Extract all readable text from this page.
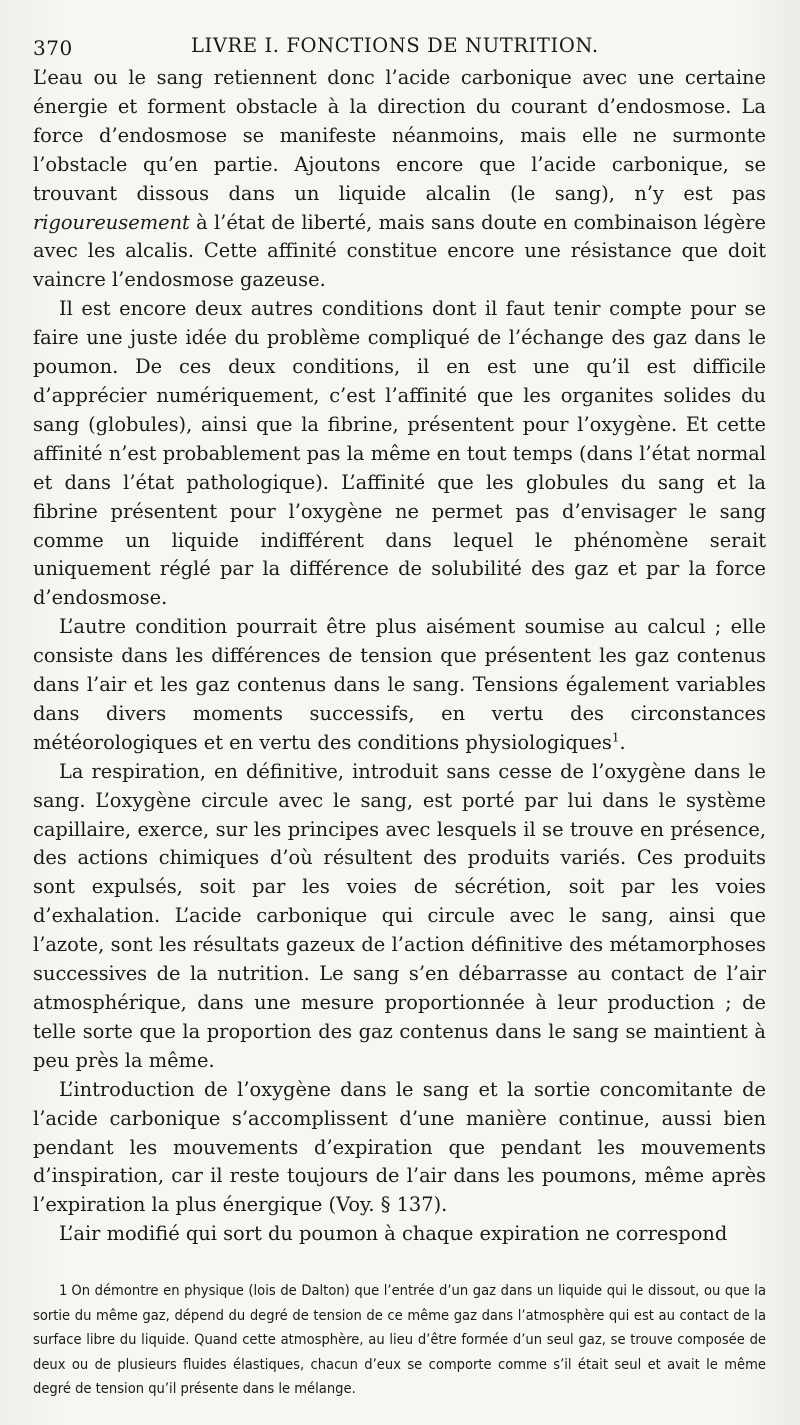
370	LIVRE I. FONCTIONS DE NUTRITION.

L’eau ou le sang retiennent donc l’acide carbonique avec une certaine énergie et forment obstacle à la direction du courant d’endosmose. La force d’endosmose se manifeste néanmoins, mais elle ne surmonte l’obstacle qu’en partie. Ajoutons encore que l’acide carbonique, se trouvant dissous dans un liquide alcalin (le sang), n’y est pas rigoureusement à l’état de liberté, mais sans doute en combinaison légère avec les alcalis. Cette affinité constitue encore une résistance que doit vaincre l’endosmose gazeuse.

Il est encore deux autres conditions dont il faut tenir compte pour se faire une juste idée du problème compliqué de l’échange des gaz dans le poumon. De ces deux conditions, il en est une qu’il est difficile d’apprécier numériquement, c’est l’affinité que les organites solides du sang (globules), ainsi que la fibrine, présentent pour l’oxygène. Et cette affinité n’est probablement pas la même en tout temps (dans l’état normal et dans l’état pathologique). L’affinité que les globules du sang et la fibrine présentent pour l’oxygène ne permet pas d’envisager le sang comme un liquide indifférent dans lequel le phénomène serait uniquement réglé par la différence de solubilité des gaz et par la force d’endosmose.

L’autre condition pourrait être plus aisément soumise au calcul ; elle consiste dans les différences de tension que présentent les gaz contenus dans l’air et les gaz contenus dans le sang. Tensions également variables dans divers moments successifs, en vertu des circonstances météorologiques et en vertu des conditions physiologiques$^1$.

La respiration, en définitive, introduit sans cesse de l’oxygène dans le sang. L’oxygène circule avec le sang, est porté par lui dans le système capillaire, exerce, sur les principes avec lesquels il se trouve en présence, des actions chimiques d’où résultent des produits variés. Ces produits sont expulsés, soit par les voies de sécrétion, soit par les voies d’exhalation. L’acide carbonique qui circule avec le sang, ainsi que l’azote, sont les résultats gazeux de l’action définitive des métamorphoses successives de la nutrition. Le sang s’en débarrasse au contact de l’air atmosphérique, dans une mesure proportionnée à leur production ; de telle sorte que la proportion des gaz contenus dans le sang se maintient à peu près la même.

L’introduction de l’oxygène dans le sang et la sortie concomitante de l’acide carbonique s’accomplissent d’une manière continue, aussi bien pendant les mouvements d’expiration que pendant les mouvements d’inspiration, car il reste toujours de l’air dans les poumons, même après l’expiration la plus énergique (Voy. § 137).

L’air modifié qui sort du poumon à chaque expiration ne correspond

1 On démontre en physique (lois de Dalton) que l’entrée d’un gaz dans un liquide qui le dissout, ou que la sortie du même gaz, dépend du degré de tension de ce même gaz dans l’atmosphère qui est au contact de la surface libre du liquide. Quand cette atmosphère, au lieu d’être formée d’un seul gaz, se trouve composée de deux ou de plusieurs fluides élastiques, chacun d’eux se comporte comme s’il était seul et avait le même degré de tension qu’il présente dans le mélange.
